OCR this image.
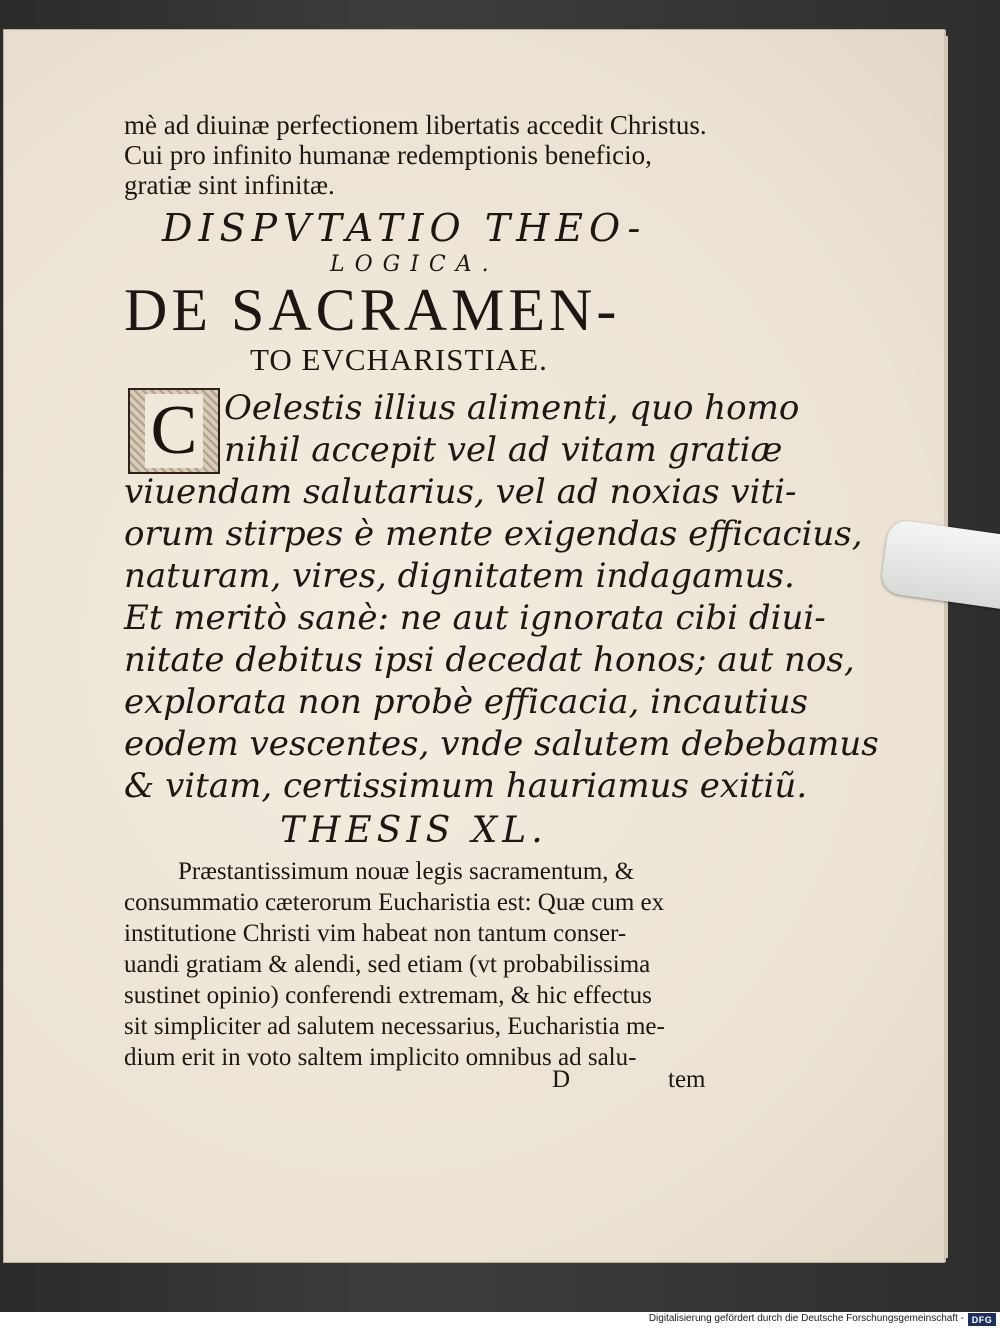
mè ad diuinæ perfectionem libertatis accedit Christus.
Cui pro infinito humanæ redemptionis beneficio,
gratiæ sint infinitæ.
DISPVTATIO THEO-
LOGICA.
DE SACRAMEN-
TO EVCHARISTIAE.
C Oelestis illius alimenti, quo homo
nihil accepit vel ad vitam gratiæ
viuendam salutarius, vel ad noxias viti-
orum stirpes è mente exigendas efficacius,
naturam, vires, dignitatem indagamus.
Et meritò sanè: ne aut ignorata cibi diui-
nitate debitus ipsi decedat honos; aut nos,
explorata non probè efficacia, incautius
eodem vescentes, vnde salutem debebamus
& vitam, certissimum hauriamus exitiũ.
THESIS XL.
Præstantissimum nouæ legis sacramentum, &
consummatio cæterorum Eucharistia est: Quæ cum ex
institutione Christi vim habeat non tantum conser-
uandi gratiam & alendi, sed etiam (vt probabilissima
sustinet opinio) conferendi extremam, & hic effectus
sit simpliciter ad salutem necessarius, Eucharistia me-
dium erit in voto saltem implicito omnibus ad salu-
D	tem
Digitalisierung gefördert durch die Deutsche Forschungsgemeinschaft - DFG
